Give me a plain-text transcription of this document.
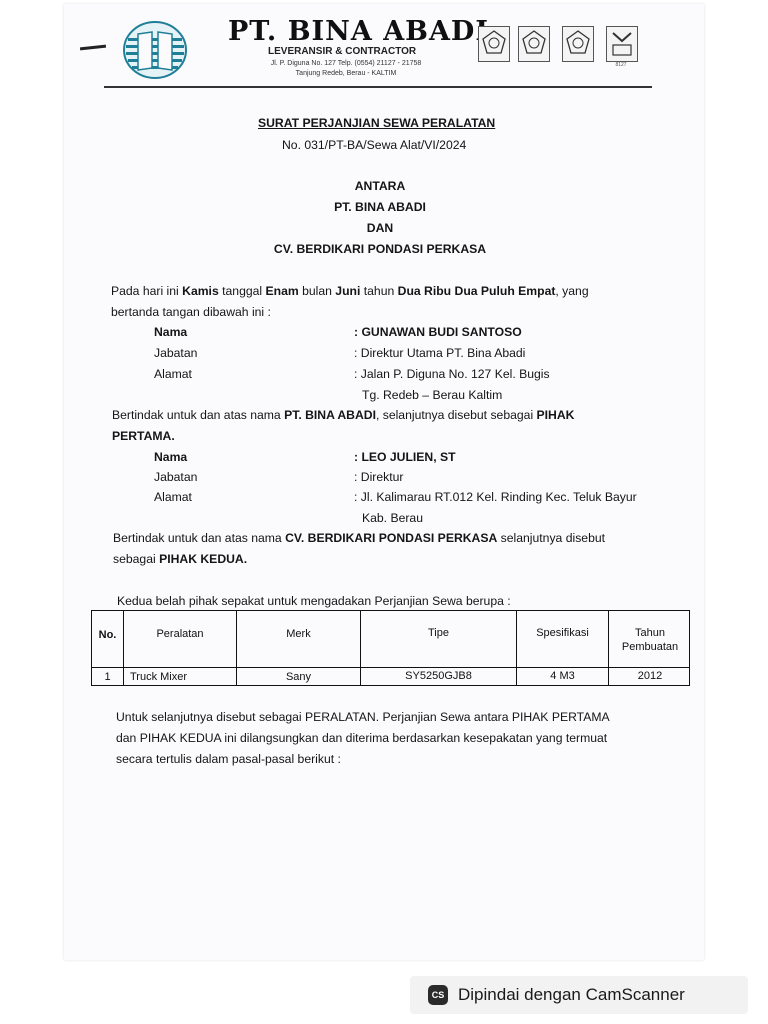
PT. BINA ABADI
LEVERANSIR & CONTRACTOR
Jl. P. Diguna No. 127 Telp. (0554) 21127 - 21758
Tanjung Redeb, Berau - KALTIM
8127
SURAT PERJANJIAN SEWA PERALATAN
No. 031/PT-BA/Sewa Alat/VI/2024
ANTARA
PT. BINA ABADI
DAN
CV. BERDIKARI PONDASI PERKASA
Pada hari ini Kamis tanggal Enam bulan Juni tahun Dua Ribu Dua Puluh Empat, yang
bertanda tangan dibawah ini :
Nama	: GUNAWAN BUDI SANTOSO
Jabatan	: Direktur Utama PT. Bina Abadi
Alamat	: Jalan P. Diguna No. 127 Kel. Bugis
Tg. Redeb – Berau Kaltim
Bertindak untuk dan atas nama PT. BINA ABADI, selanjutnya disebut sebagai PIHAK
PERTAMA.
Nama	: LEO JULIEN, ST
Jabatan	: Direktur
Alamat	: Jl. Kalimarau RT.012 Kel. Rinding Kec. Teluk Bayur
Kab. Berau
Bertindak untuk dan atas nama CV. BERDIKARI PONDASI PERKASA selanjutnya disebut
sebagai PIHAK KEDUA.
Kedua belah pihak sepakat untuk mengadakan Perjanjian Sewa berupa :
No.	Peralatan	Merk	Tipe	Spesifikasi	Tahun
Pembuatan
1	Truck Mixer	Sany	SY5250GJB8	4 M3	2012
Untuk selanjutnya disebut sebagai PERALATAN. Perjanjian Sewa antara PIHAK PERTAMA
dan PIHAK KEDUA ini dilangsungkan dan diterima berdasarkan kesepakatan yang termuat
secara tertulis dalam pasal-pasal berikut :
CS Dipindai dengan CamScanner
